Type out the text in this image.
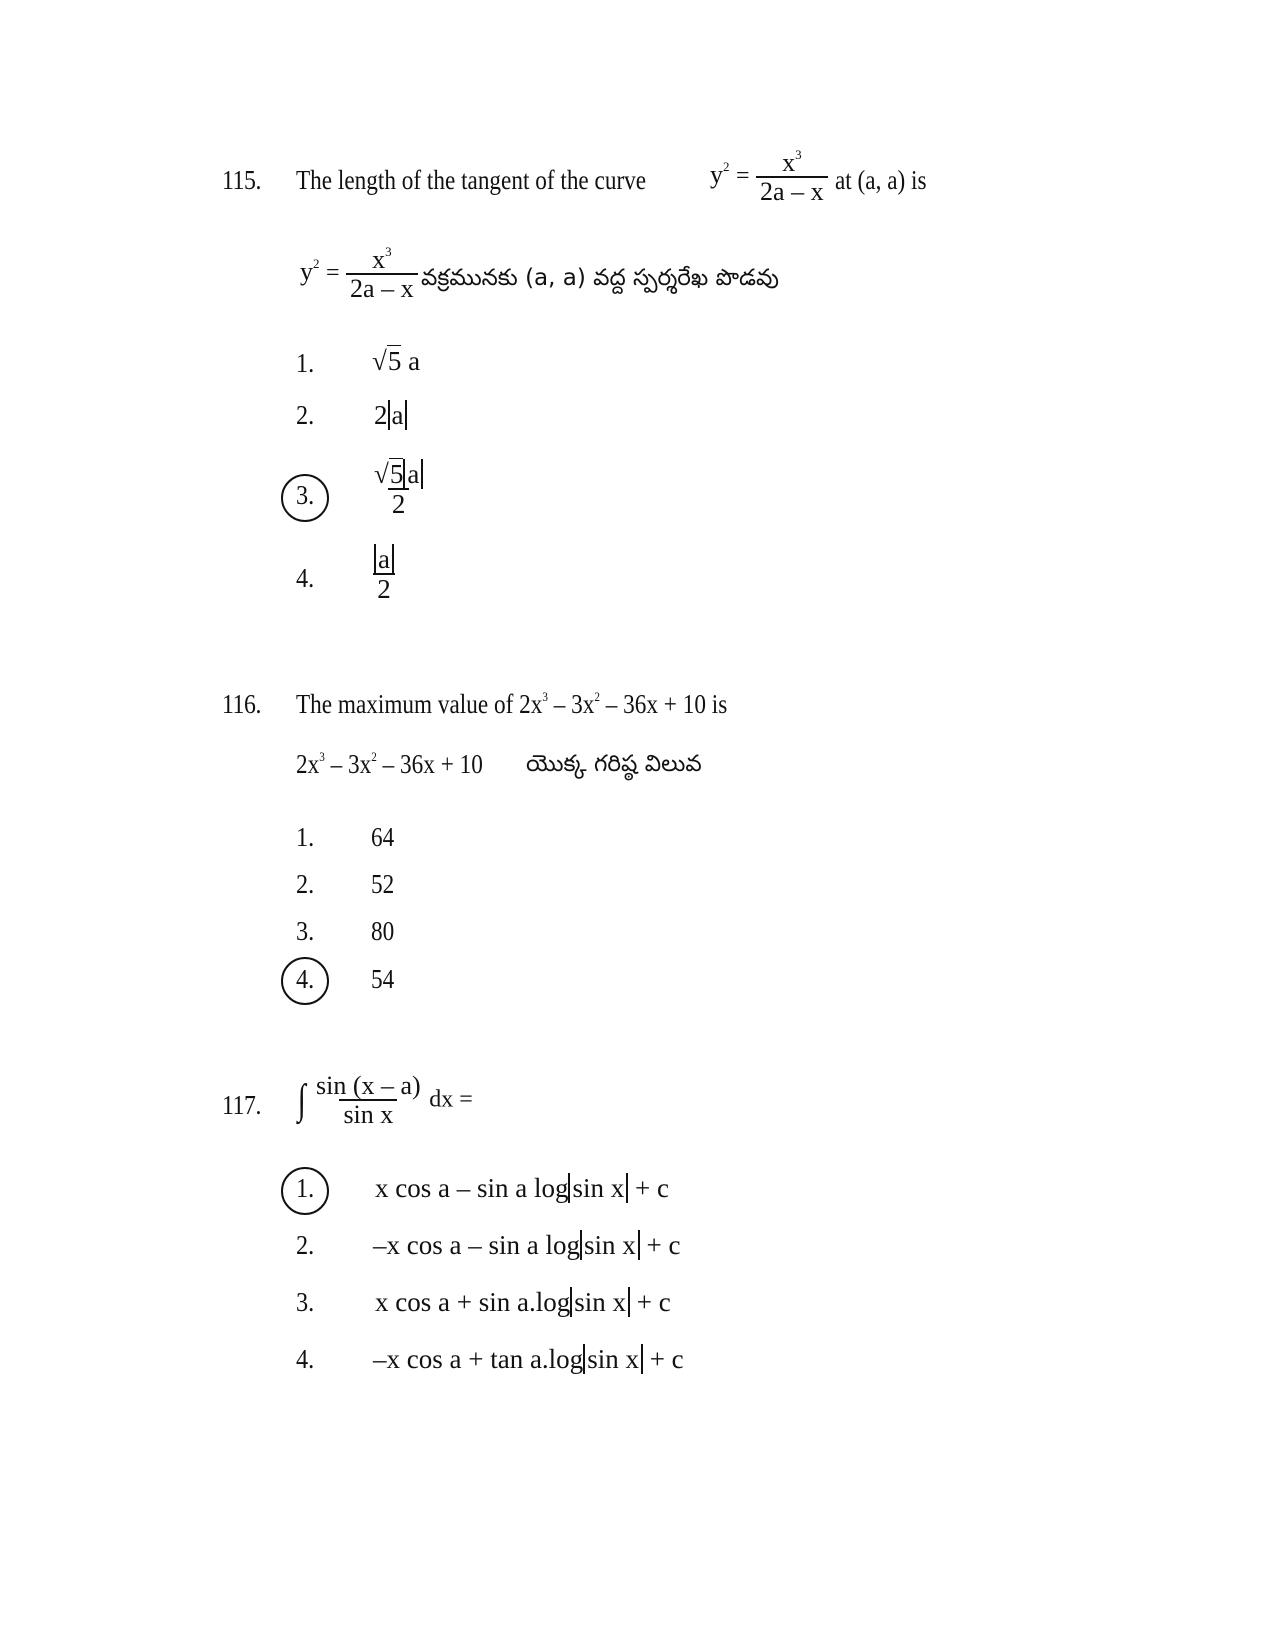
115. The length of the tangent of the curve $y^2 = \frac{x^3}{2a - x}$ at (a, a) is
$y^2 = \frac{x^3}{2a - x}$ వక్రమునకు (a, a) వద్ద స్పర్శరేఖ పొడవు
1. √5 a
2. 2 a
3. $\frac{√5 a}{2}$
4. $\frac{a}{2}$
116. The maximum value of $2x^3 - 3x^2 - 36x + 10$ is
$2x^3 - 3x^2 - 36x + 10$ యొక్క గరిష్ఠ విలువ
1. 64
2. 52
3. 80
4. 54
117. ∫ $\frac{\sin (x - a)}{\text{sin x}}$ dx =
1. x cos a – sin a log sin x + c
2. –x cos a – sin a log sin x + c
3. x cos a + sin a.log sin x + c
4. –x cos a + tan a.log sin x + c
